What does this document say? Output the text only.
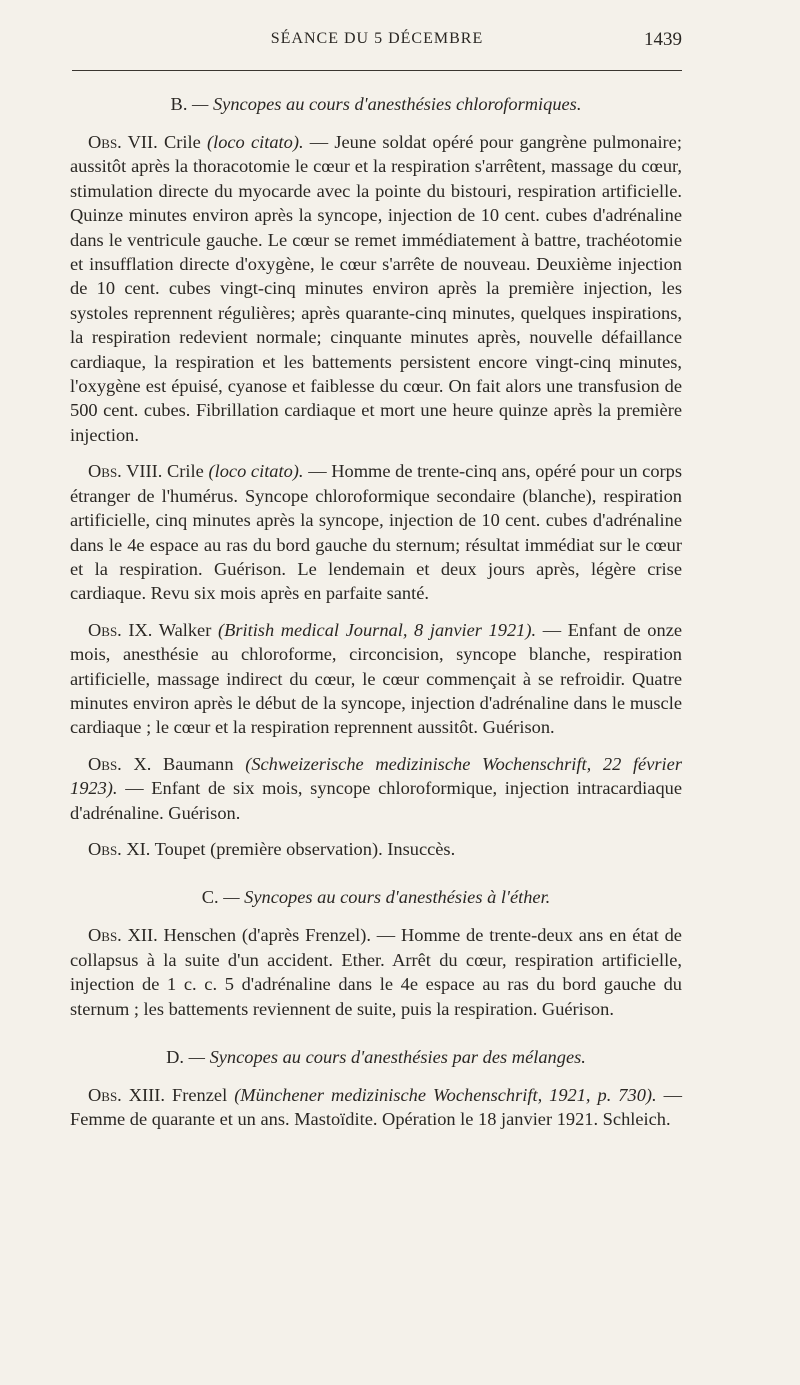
SÉANCE DU 5 DÉCEMBRE	1439
B. — Syncopes au cours d'anesthésies chloroformiques.

Obs. VII. Crile (loco citato). — Jeune soldat opéré pour gangrène pulmonaire; aussitôt après la thoracotomie le cœur et la respiration s'arrêtent, massage du cœur, stimulation directe du myocarde avec la pointe du bistouri, respiration artificielle. Quinze minutes environ après la syncope, injection de 10 cent. cubes d'adrénaline dans le ventricule gauche. Le cœur se remet immédiatement à battre, trachéotomie et insufflation directe d'oxygène, le cœur s'arrête de nouveau. Deuxième injection de 10 cent. cubes vingt-cinq minutes environ après la première injection, les systoles reprennent régulières; après quarante-cinq minutes, quelques inspirations, la respiration redevient normale; cinquante minutes après, nouvelle défaillance cardiaque, la respiration et les battements persistent encore vingt-cinq minutes, l'oxygène est épuisé, cyanose et faiblesse du cœur. On fait alors une transfusion de 500 cent. cubes. Fibrillation cardiaque et mort une heure quinze après la première injection.

Obs. VIII. Crile (loco citato). — Homme de trente-cinq ans, opéré pour un corps étranger de l'humérus. Syncope chloroformique secondaire (blanche), respiration artificielle, cinq minutes après la syncope, injection de 10 cent. cubes d'adrénaline dans le 4e espace au ras du bord gauche du sternum; résultat immédiat sur le cœur et la respiration. Guérison. Le lendemain et deux jours après, légère crise cardiaque. Revu six mois après en parfaite santé.

Obs. IX. Walker (British medical Journal, 8 janvier 1921). — Enfant de onze mois, anesthésie au chloroforme, circoncision, syncope blanche, respiration artificielle, massage indirect du cœur, le cœur commençait à se refroidir. Quatre minutes environ après le début de la syncope, injection d'adrénaline dans le muscle cardiaque ; le cœur et la respiration reprennent aussitôt. Guérison.

Obs. X. Baumann (Schweizerische medizinische Wochenschrift, 22 février 1923). — Enfant de six mois, syncope chloroformique, injection intracardiaque d'adrénaline. Guérison.

Obs. XI. Toupet (première observation). Insuccès.

C. — Syncopes au cours d'anesthésies à l'éther.

Obs. XII. Henschen (d'après Frenzel). — Homme de trente-deux ans en état de collapsus à la suite d'un accident. Ether. Arrêt du cœur, respiration artificielle, injection de 1 c. c. 5 d'adrénaline dans le 4e espace au ras du bord gauche du sternum ; les battements reviennent de suite, puis la respiration. Guérison.

D. — Syncopes au cours d'anesthésies par des mélanges.

Obs. XIII. Frenzel (Münchener medizinische Wochenschrift, 1921, p. 730). — Femme de quarante et un ans. Mastoïdite. Opération le 18 janvier 1921. Schleich.
